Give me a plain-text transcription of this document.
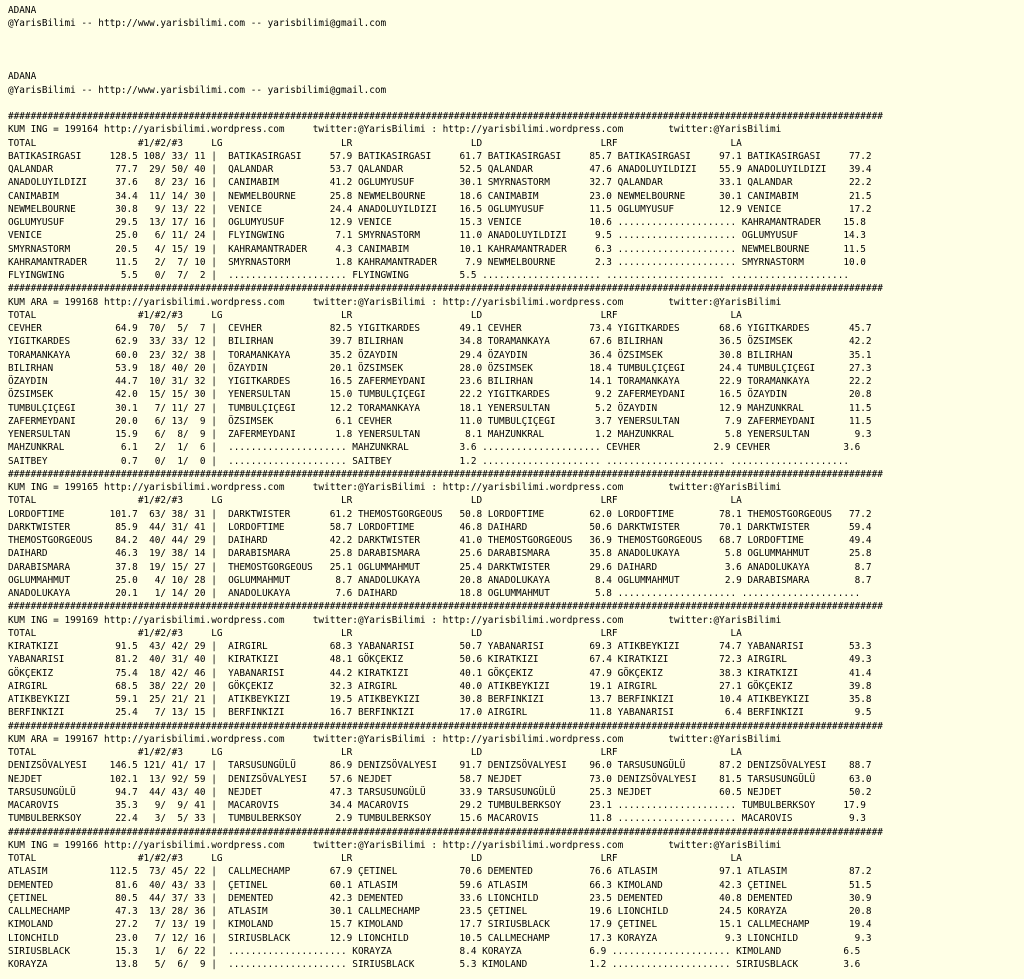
ADANA
@YarisBilimi -- http://www.yarisbilimi.com -- yarisbilimi@gmail.com

ADANA
@YarisBilimi -- http://www.yarisbilimi.com -- yarisbilimi@gmail.com

###########################################################################################################################################################
KUM ING = 199164 http://yarisbilimi.wordpress.com     twitter:@YarisBilimi : http://yarisbilimi.wordpress.com        twitter:@YarisBilimi
TOTAL                  #1/#2/#3     LG                     LR                     LD                     LRF                    LA
BATIKASIRGASI     128.5 108/ 33/ 11 |  BATIKASIRGASI     57.9 BATIKASIRGASI     61.7 BATIKASIRGASI     85.7 BATIKASIRGASI     97.1 BATIKASIRGASI     77.2
QALANDAR           77.7  29/ 50/ 40 |  QALANDAR          53.7 QALANDAR          52.5 QALANDAR          47.6 ANADOLUYILDIZI    55.9 ANADOLUYILDIZI    39.4
ANADOLUYILDIZI     37.6   8/ 23/ 16 |  CANIMABIM         41.2 OGLUMYUSUF        30.1 SMYRNASTORM       32.7 QALANDAR          33.1 QALANDAR          22.2
CANIMABIM          34.4  11/ 14/ 30 |  NEWMELBOURNE      25.8 NEWMELBOURNE      18.6 CANIMABIM         23.0 NEWMELBOURNE      30.1 CANIMABIM         21.5
NEWMELBOURNE       30.8   9/ 13/ 22 |  VENICE            24.4 ANADOLUYILDIZI    16.5 OGLUMYUSUF        11.5 OGLUMYUSUF        12.9 VENICE            17.2
OGLUMYUSUF         29.5  13/ 17/ 16 |  OGLUMYUSUF        12.9 VENICE            15.3 VENICE            10.6 ..................... KAHRAMANTRADER    15.8
VENICE             25.0   6/ 11/ 24 |  FLYINGWING         7.1 SMYRNASTORM       11.0 ANADOLUYILDIZI     9.5 ..................... OGLUMYUSUF        14.3
SMYRNASTORM        20.5   4/ 15/ 19 |  KAHRAMANTRADER     4.3 CANIMABIM         10.1 KAHRAMANTRADER     6.3 ..................... NEWMELBOURNE      11.5
KAHRAMANTRADER     11.5   2/  7/ 10 |  SMYRNASTORM        1.8 KAHRAMANTRADER     7.9 NEWMELBOURNE       2.3 ..................... SMYRNASTORM       10.0
FLYINGWING          5.5   0/  7/  2 |  ..................... FLYINGWING         5.5 ..................... ..................... .....................
###########################################################################################################################################################
KUM ARA = 199168 http://yarisbilimi.wordpress.com     twitter:@YarisBilimi : http://yarisbilimi.wordpress.com        twitter:@YarisBilimi
TOTAL                  #1/#2/#3     LG                     LR                     LD                     LRF                    LA
CEVHER             64.9  70/  5/  7 |  CEVHER            82.5 YIGITKARDES       49.1 CEVHER            73.4 YIGITKARDES       68.6 YIGITKARDES       45.7
YIGITKARDES        62.9  33/ 33/ 12 |  BILIRHAN          39.7 BILIRHAN          34.8 TORAMANKAYA       67.6 BILIRHAN          36.5 ÖZSIMSEK          42.2
TORAMANKAYA        60.0  23/ 32/ 38 |  TORAMANKAYA       35.2 ÖZAYDIN           29.4 ÖZAYDIN           36.4 ÖZSIMSEK          30.8 BILIRHAN          35.1
BILIRHAN           53.9  18/ 40/ 20 |  ÖZAYDIN           20.1 ÖZSIMSEK          28.0 ÖZSIMSEK          18.4 TUMBULÇIÇEGI      24.4 TUMBULÇIÇEGI      27.3
ÖZAYDIN            44.7  10/ 31/ 32 |  YIGITKARDES       16.5 ZAFERMEYDANI      23.6 BILIRHAN          14.1 TORAMANKAYA       22.9 TORAMANKAYA       22.2
ÖZSIMSEK           42.0  15/ 15/ 30 |  YENERSULTAN       15.0 TUMBULÇIÇEGI      22.2 YIGITKARDES        9.2 ZAFERMEYDANI      16.5 ÖZAYDIN           20.8
TUMBULÇIÇEGI       30.1   7/ 11/ 27 |  TUMBULÇIÇEGI      12.2 TORAMANKAYA       18.1 YENERSULTAN        5.2 ÖZAYDIN           12.9 MAHZUNKRAL        11.5
ZAFERMEYDANI       20.0   6/ 13/  9 |  ÖZSIMSEK           6.1 CEVHER            11.0 TUMBULÇIÇEGI       3.7 YENERSULTAN        7.9 ZAFERMEYDANI      11.5
YENERSULTAN        15.9   6/  8/  9 |  ZAFERMEYDANI       1.8 YENERSULTAN        8.1 MAHZUNKRAL         1.2 MAHZUNKRAL         5.8 YENERSULTAN        9.3
MAHZUNKRAL          6.1   2/  1/  6 |  ..................... MAHZUNKRAL         3.6 ..................... CEVHER             2.9 CEVHER             3.6
SAITBEY             0.7   0/  1/  0 |  ..................... SAITBEY            1.2 ..................... ..................... .....................
###########################################################################################################################################################
KUM ING = 199165 http://yarisbilimi.wordpress.com     twitter:@YarisBilimi : http://yarisbilimi.wordpress.com        twitter:@YarisBilimi
TOTAL                  #1/#2/#3     LG                     LR                     LD                     LRF                    LA
LORDOFTIME        101.7  63/ 38/ 31 |  DARKTWISTER       61.2 THEMOSTGORGEOUS   50.8 LORDOFTIME        62.0 LORDOFTIME        78.1 THEMOSTGORGEOUS   77.2
DARKTWISTER        85.9  44/ 31/ 41 |  LORDOFTIME        58.7 LORDOFTIME        46.8 DAIHARD           50.6 DARKTWISTER       70.1 DARKTWISTER       59.4
THEMOSTGORGEOUS    84.2  40/ 44/ 29 |  DAIHARD           42.2 DARKTWISTER       41.0 THEMOSTGORGEOUS   36.9 THEMOSTGORGEOUS   68.7 LORDOFTIME        49.4
DAIHARD            46.3  19/ 38/ 14 |  DARABISMARA       25.8 DARABISMARA       25.6 DARABISMARA       35.8 ANADOLUKAYA        5.8 OGLUMMAHMUT       25.8
DARABISMARA        37.8  19/ 15/ 27 |  THEMOSTGORGEOUS   25.1 OGLUMMAHMUT       25.4 DARKTWISTER       29.6 DAIHARD            3.6 ANADOLUKAYA        8.7
OGLUMMAHMUT        25.0   4/ 10/ 28 |  OGLUMMAHMUT        8.7 ANADOLUKAYA       20.8 ANADOLUKAYA        8.4 OGLUMMAHMUT        2.9 DARABISMARA        8.7
ANADOLUKAYA        20.1   1/ 14/ 20 |  ANADOLUKAYA        7.6 DAIHARD           18.8 OGLUMMAHMUT        5.8 ..................... .....................
###########################################################################################################################################################
KUM ING = 199169 http://yarisbilimi.wordpress.com     twitter:@YarisBilimi : http://yarisbilimi.wordpress.com        twitter:@YarisBilimi
TOTAL                  #1/#2/#3     LG                     LR                     LD                     LRF                    LA
KIRATKIZI          91.5  43/ 42/ 29 |  AIRGIRL           68.3 YABANARISI        50.7 YABANARISI        69.3 ATIKBEYKIZI       74.7 YABANARISI        53.3
YABANARISI         81.2  40/ 31/ 40 |  KIRATKIZI         48.1 GÖKÇEKIZ          50.6 KIRATKIZI         67.4 KIRATKIZI         72.3 AIRGIRL           49.3
GÖKÇEKIZ           75.4  18/ 42/ 46 |  YABANARISI        44.2 KIRATKIZI         40.1 GÖKÇEKIZ          47.9 GÖKÇEKIZ          38.3 KIRATKIZI         41.4
AIRGIRL            68.5  38/ 22/ 20 |  GÖKÇEKIZ          32.3 AIRGIRL           40.0 ATIKBEYKIZI       19.1 AIRGIRL           27.1 GÖKÇEKIZ          39.8
ATIKBEYKIZI        59.1  25/ 21/ 21 |  ATIKBEYKIZI       19.5 ATIKBEYKIZI       30.8 BERFINKIZI        13.7 BERFINKIZI        10.4 ATIKBEYKIZI       35.8
BERFINKIZI         25.4   7/ 13/ 15 |  BERFINKIZI        16.7 BERFINKIZI        17.0 AIRGIRL           11.8 YABANARISI         6.4 BERFINKIZI         9.5
###########################################################################################################################################################
KUM ARA = 199167 http://yarisbilimi.wordpress.com     twitter:@YarisBilimi : http://yarisbilimi.wordpress.com        twitter:@YarisBilimi
TOTAL                  #1/#2/#3     LG                     LR                     LD                     LRF                    LA
DENIZSÖVALYESI    146.5 121/ 41/ 17 |  TARSUSUNGÜLÜ      86.9 DENIZSÖVALYESI    91.7 DENIZSÖVALYESI    96.0 TARSUSUNGÜLÜ      87.2 DENIZSÖVALYESI    88.7
NEJDET            102.1  13/ 92/ 59 |  DENIZSÖVALYESI    57.6 NEJDET            58.7 NEJDET            73.0 DENIZSÖVALYESI    81.5 TARSUSUNGÜLÜ      63.0
TARSUSUNGÜLÜ       94.7  44/ 43/ 40 |  NEJDET            47.3 TARSUSUNGÜLÜ      33.9 TARSUSUNGÜLÜ      25.3 NEJDET            60.5 NEJDET            50.2
MACAROVIS          35.3   9/  9/ 41 |  MACAROVIS         34.4 MACAROVIS         29.2 TUMBULBERKSOY     23.1 ..................... TUMBULBERKSOY     17.9
TUMBULBERKSOY      22.4   3/  5/ 33 |  TUMBULBERKSOY      2.9 TUMBULBERKSOY     15.6 MACAROVIS         11.8 ..................... MACAROVIS          9.3
###########################################################################################################################################################
KUM ING = 199166 http://yarisbilimi.wordpress.com     twitter:@YarisBilimi : http://yarisbilimi.wordpress.com        twitter:@YarisBilimi
TOTAL                  #1/#2/#3     LG                     LR                     LD                     LRF                    LA
ATLASIM           112.5  73/ 45/ 22 |  CALLMECHAMP       67.9 ÇETINEL           70.6 DEMENTED          76.6 ATLASIM           97.1 ATLASIM           87.2
DEMENTED           81.6  40/ 43/ 33 |  ÇETINEL           60.1 ATLASIM           59.6 ATLASIM           66.3 KIMOLAND          42.3 ÇETINEL           51.5
ÇETINEL            80.5  44/ 37/ 33 |  DEMENTED          42.3 DEMENTED          33.6 LIONCHILD         23.5 DEMENTED          40.8 DEMENTED          30.9
CALLMECHAMP        47.3  13/ 28/ 36 |  ATLASIM           30.1 CALLMECHAMP       23.5 ÇETINEL           19.6 LIONCHILD         24.5 KORAYZA           20.8
KIMOLAND           27.2   7/ 13/ 19 |  KIMOLAND          15.7 KIMOLAND          17.7 SIRIUSBLACK       17.9 ÇETINEL           15.1 CALLMECHAMP       19.4
LIONCHILD          23.0   7/ 12/ 16 |  SIRIUSBLACK       12.9 LIONCHILD         10.5 CALLMECHAMP       17.3 KORAYZA            9.3 LIONCHILD          9.3
SIRIUSBLACK        15.3   1/  6/ 22 |  ..................... KORAYZA            8.4 KORAYZA            6.9 ..................... KIMOLAND           6.5
KORAYZA            13.8   5/  6/  9 |  ..................... SIRIUSBLACK        5.3 KIMOLAND           1.2 ..................... SIRIUSBLACK        3.6
